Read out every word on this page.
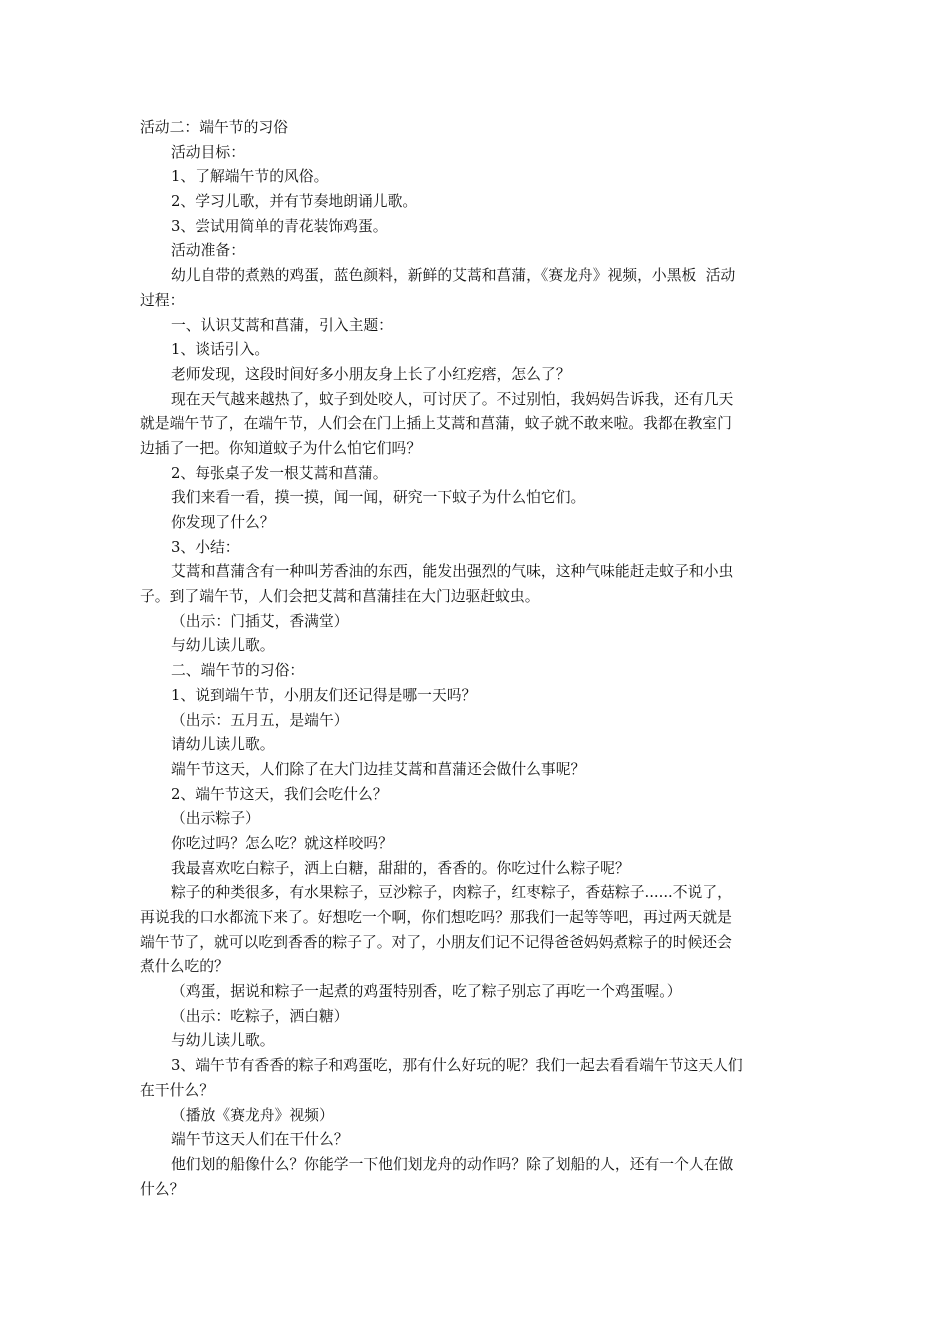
活动二：端午节的习俗
活动目标：
1、了解端午节的风俗。
2、学习儿歌，并有节奏地朗诵儿歌。
3、尝试用简单的青花装饰鸡蛋。
活动准备：
幼儿自带的煮熟的鸡蛋，蓝色颜料，新鲜的艾蒿和菖蒲，《赛龙舟》视频，小黑板  活动
过程：
一、认识艾蒿和菖蒲，引入主题：
1、谈话引入。
老师发现，这段时间好多小朋友身上长了小红疙瘩，怎么了？
现在天气越来越热了，蚊子到处咬人，可讨厌了。不过别怕，我妈妈告诉我，还有几天
就是端午节了，在端午节，人们会在门上插上艾蒿和菖蒲，蚊子就不敢来啦。我都在教室门
边插了一把。你知道蚊子为什么怕它们吗？
2、每张桌子发一根艾蒿和菖蒲。
我们来看一看，摸一摸，闻一闻，研究一下蚊子为什么怕它们。
你发现了什么？
3、小结：
艾蒿和菖蒲含有一种叫芳香油的东西，能发出强烈的气味，这种气味能赶走蚊子和小虫
子。到了端午节，人们会把艾蒿和菖蒲挂在大门边驱赶蚊虫。
（出示：门插艾，香满堂）
与幼儿读儿歌。
二、端午节的习俗：
1、说到端午节，小朋友们还记得是哪一天吗？
（出示：五月五，是端午）
请幼儿读儿歌。
端午节这天，人们除了在大门边挂艾蒿和菖蒲还会做什么事呢？
2、端午节这天，我们会吃什么？
（出示粽子）
你吃过吗？怎么吃？就这样咬吗？
我最喜欢吃白粽子，洒上白糖，甜甜的，香香的。你吃过什么粽子呢？
粽子的种类很多，有水果粽子，豆沙粽子，肉粽子，红枣粽子，香菇粽子......不说了，
再说我的口水都流下来了。好想吃一个啊，你们想吃吗？那我们一起等等吧，再过两天就是
端午节了，就可以吃到香香的粽子了。对了，小朋友们记不记得爸爸妈妈煮粽子的时候还会
煮什么吃的？
（鸡蛋，据说和粽子一起煮的鸡蛋特别香，吃了粽子别忘了再吃一个鸡蛋喔。）
（出示：吃粽子，洒白糖）
与幼儿读儿歌。
3、端午节有香香的粽子和鸡蛋吃，那有什么好玩的呢？我们一起去看看端午节这天人们
在干什么？
（播放《赛龙舟》视频）
端午节这天人们在干什么？
他们划的船像什么？你能学一下他们划龙舟的动作吗？除了划船的人，还有一个人在做
什么？
